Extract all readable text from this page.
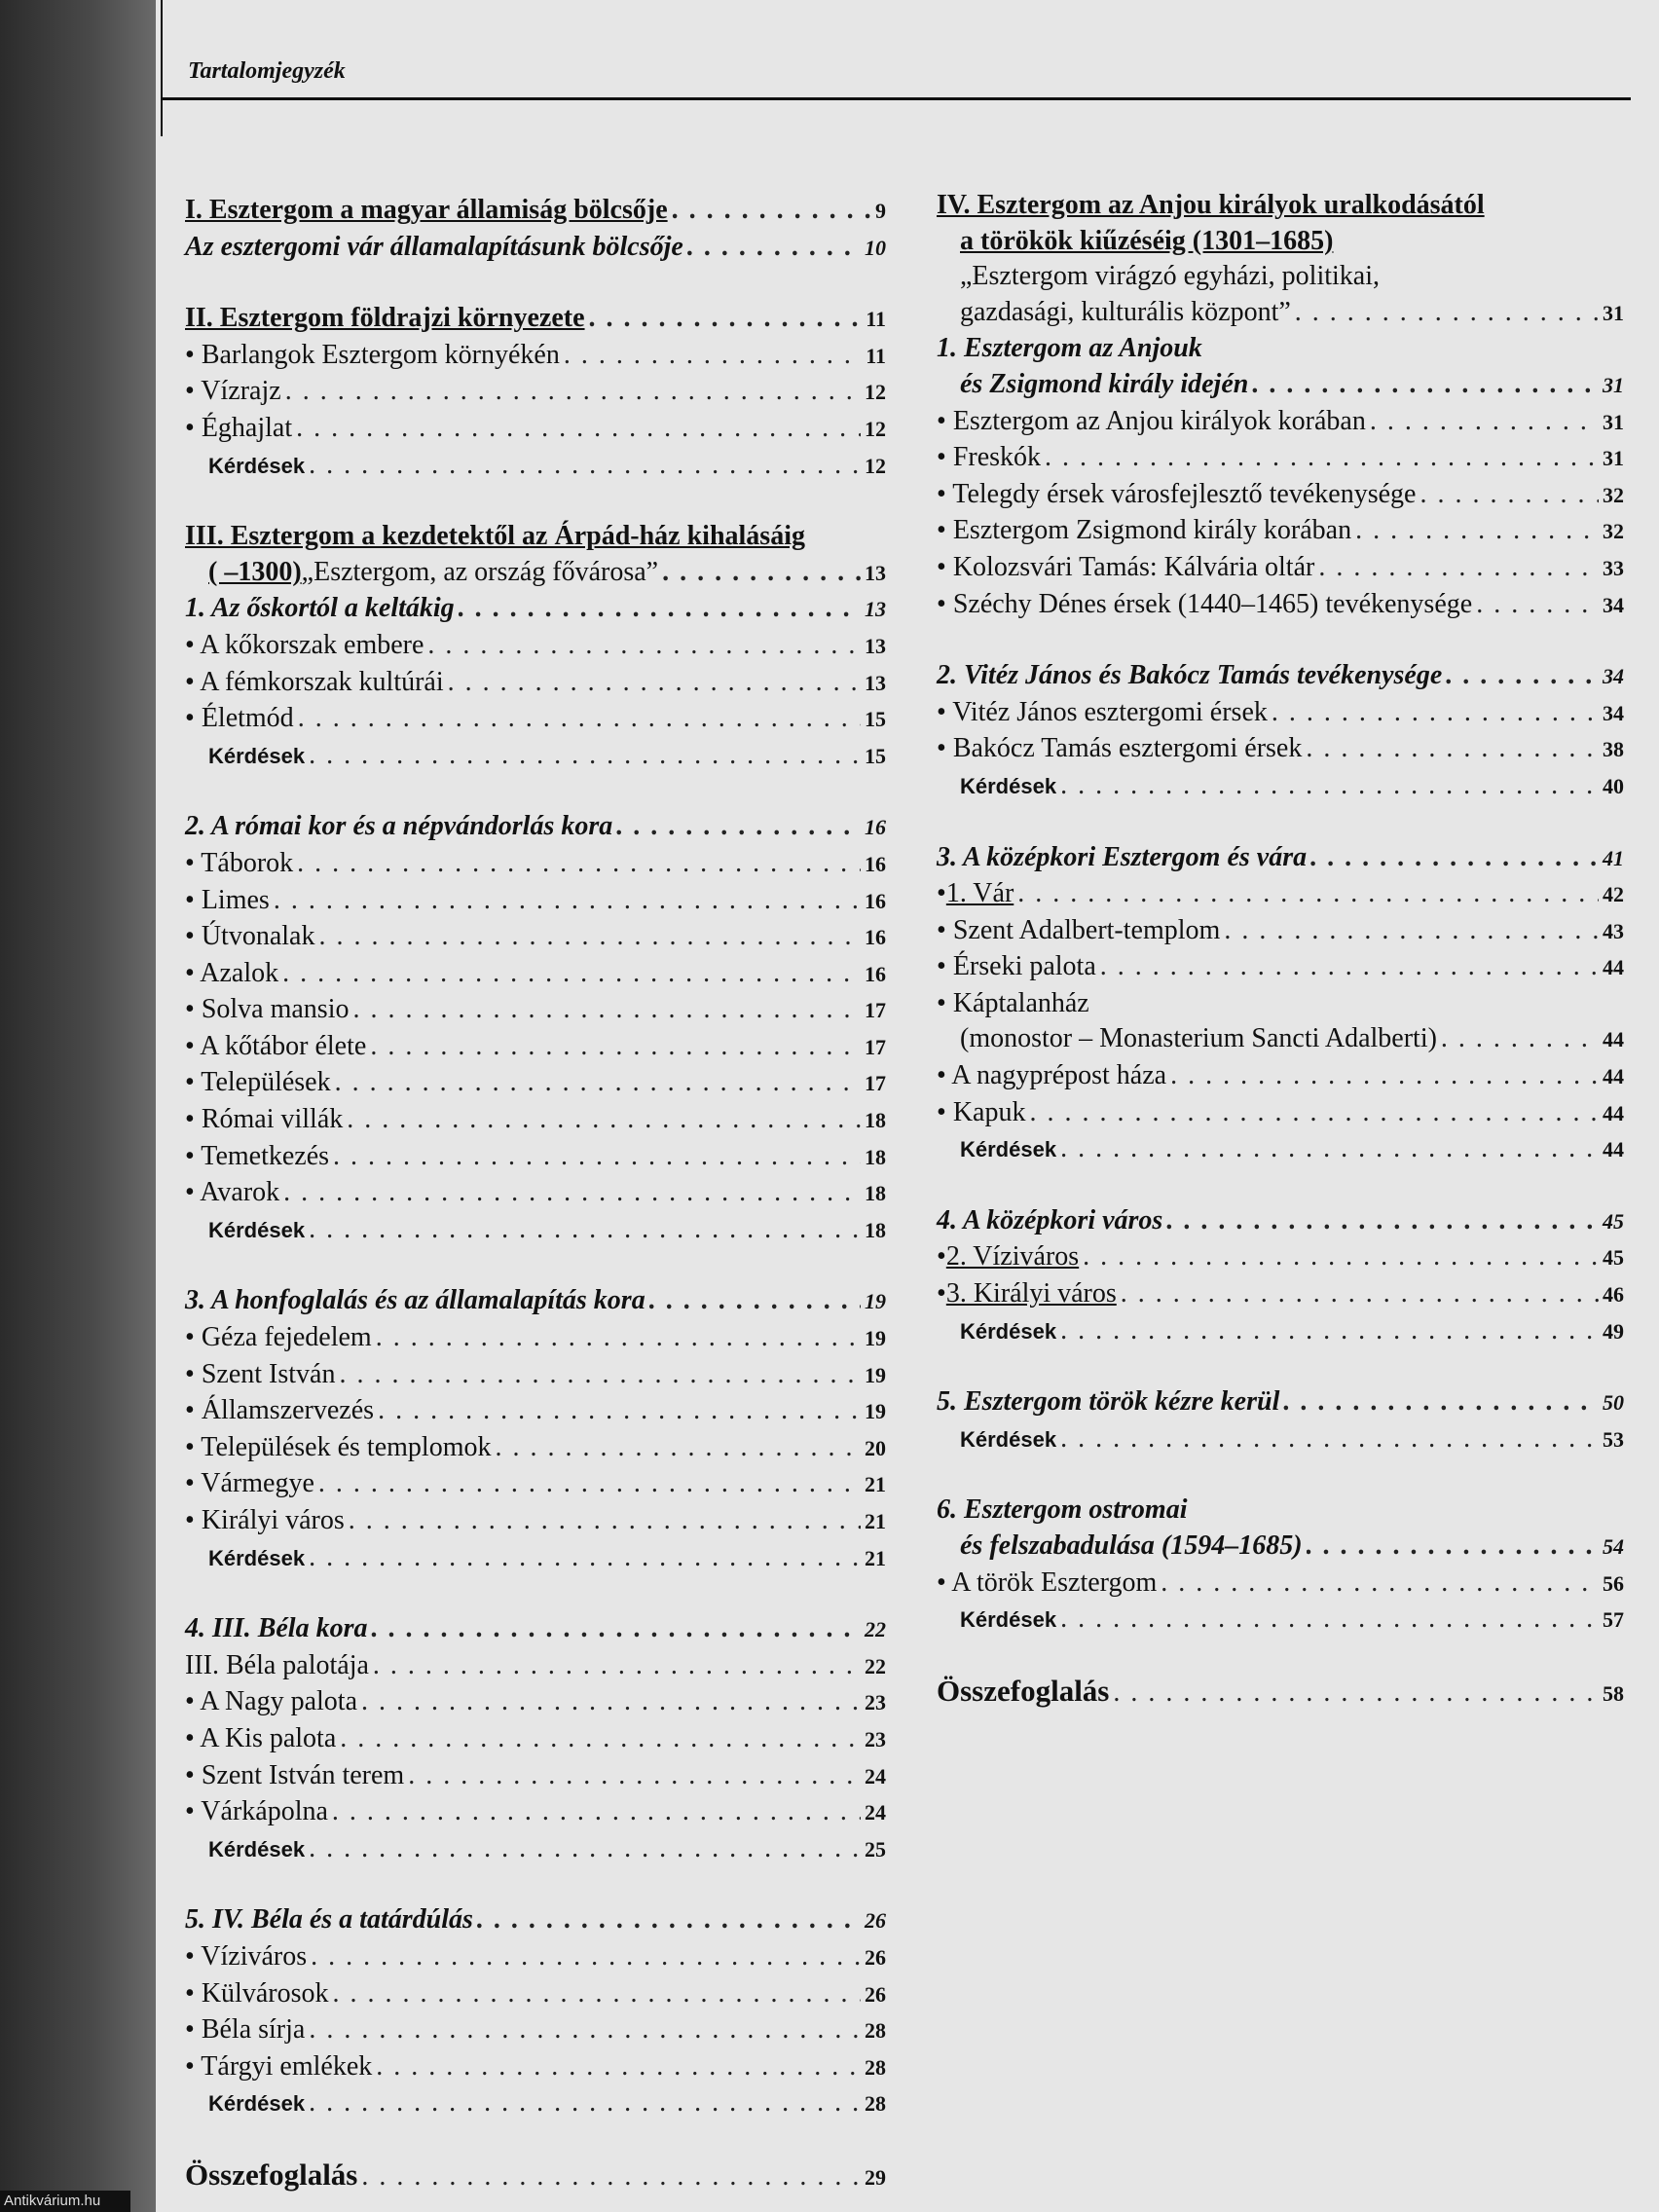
Tartalomjegyzék
I. Esztergom a magyar államiság bölcsője . . .	9
Az esztergomi vár államalapításunk bölcsője . . .	10
II. Esztergom földrajzi környezete . . .	11
• Barlangok Esztergom környékén . . .	11
• Vízrajz . . .	12
• Éghajlat . . .	12
Kérdések . . .	12
III. Esztergom a kezdetektől az Árpád-ház kihalásáig
( –1300) „Esztergom, az ország fővárosa” . . .	13
1. Az őskortól a keltákig . . .	13
• A kőkorszak embere . . .	13
• A fémkorszak kultúrái . . .	13
• Életmód . . .	15
Kérdések . . .	15
2. A római kor és a népvándorlás kora . . .	16
• Táborok . . .	16
• Limes . . .	16
• Útvonalak . . .	16
• Azalok . . .	16
• Solva mansio . . .	17
• A kőtábor élete . . .	17
• Települések . . .	17
• Római villák . . .	18
• Temetkezés . . .	18
• Avarok . . .	18
Kérdések . . .	18
3. A honfoglalás és az államalapítás kora . . .	19
• Géza fejedelem . . .	19
• Szent István . . .	19
• Államszervezés . . .	19
• Települések és templomok . . .	20
• Vármegye . . .	21
• Királyi város . . .	21
Kérdések . . .	21
4. III. Béla kora . . .	22
III. Béla palotája . . .	22
• A Nagy palota . . .	23
• A Kis palota . . .	23
• Szent István terem . . .	24
• Várkápolna . . .	24
Kérdések . . .	25
5. IV. Béla és a tatárdúlás . . .	26
• Víziváros . . .	26
• Külvárosok . . .	26
• Béla sírja . . .	28
• Tárgyi emlékek . . .	28
Kérdések . . .	28
Összefoglalás . . .	29
IV. Esztergom az Anjou királyok uralkodásától
a törökök kiűzéséig (1301–1685)
„Esztergom virágzó egyházi, politikai,
gazdasági, kulturális központ” . . .	31
1. Esztergom az Anjouk
és Zsigmond király idején . . .	31
• Esztergom az Anjou királyok korában . . .	31
• Freskók . . .	31
• Telegdy érsek városfejlesztő tevékenysége . . .	32
• Esztergom Zsigmond király korában . . .	32
• Kolozsvári Tamás: Kálvária oltár . . .	33
• Széchy Dénes érsek (1440–1465) tevékenysége . . .	34
2. Vitéz János és Bakócz Tamás tevékenysége . . .	34
• Vitéz János esztergomi érsek . . .	34
• Bakócz Tamás esztergomi érsek . . .	38
Kérdések . . .	40
3. A középkori Esztergom és vára . . .	41
• 1. Vár . . .	42
• Szent Adalbert-templom . . .	43
• Érseki palota . . .	44
• Káptalanház
(monostor – Monasterium Sancti Adalberti) . . .	44
• A nagyprépost háza . . .	44
• Kapuk . . .	44
Kérdések . . .	44
4. A középkori város . . .	45
• 2. Víziváros . . .	45
• 3. Királyi város . . .	46
Kérdések . . .	49
5. Esztergom török kézre kerül . . .	50
Kérdések . . .	53
6. Esztergom ostromai
és felszabadulása (1594–1685) . . .	54
• A török Esztergom . . .	56
Kérdések . . .	57
Összefoglalás . . .	58
Antikvárium.hu
